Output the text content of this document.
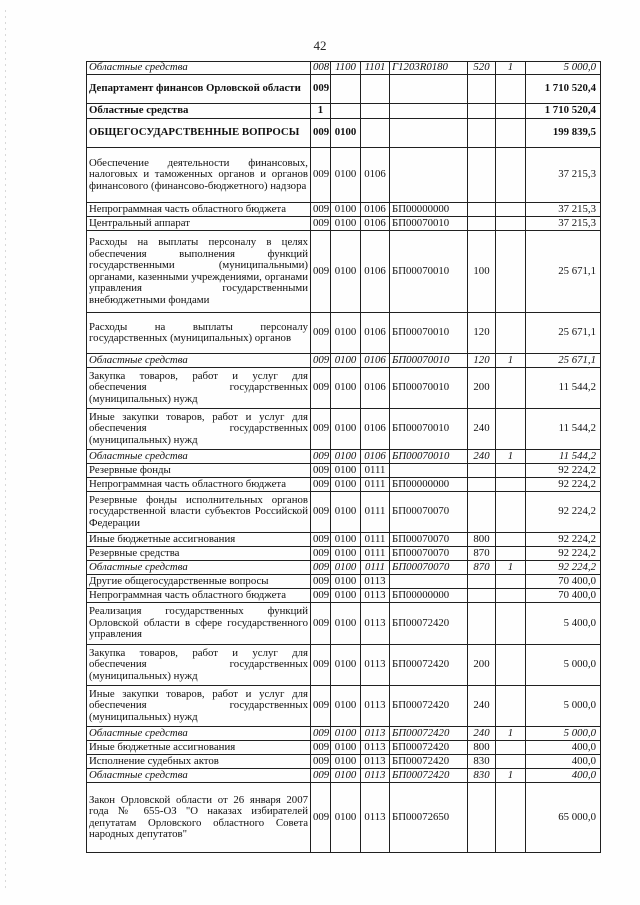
42
Областные средства	008	1100	1101	Г1203R0180	520	1	5 000,0
Департамент финансов Орловской области	009						1 710 520,4
Областные средства	1						1 710 520,4
ОБЩЕГОСУДАРСТВЕННЫЕ ВОПРОСЫ	009	0100					199 839,5
Обеспечение деятельности финансовых, налоговых и таможенных органов и органов финансового (финансово-бюджетного) надзора	009	0100	0106				37 215,3
Непрограммная часть областного бюджета	009	0100	0106	БП00000000			37 215,3
Центральный аппарат	009	0100	0106	БП00070010			37 215,3
Расходы на выплаты персоналу в целях обеспечения выполнения функций государственными (муниципальными) органами, казенными учреждениями, органами управления государственными внебюджетными фондами	009	0100	0106	БП00070010	100		25 671,1
Расходы на выплаты персоналу государственных (муниципальных) органов	009	0100	0106	БП00070010	120		25 671,1
Областные средства	009	0100	0106	БП00070010	120	1	25 671,1
Закупка товаров, работ и услуг для обеспечения государственных (муниципальных) нужд	009	0100	0106	БП00070010	200		11 544,2
Иные закупки товаров, работ и услуг для обеспечения государственных (муниципальных) нужд	009	0100	0106	БП00070010	240		11 544,2
Областные средства	009	0100	0106	БП00070010	240	1	11 544,2
Резервные фонды	009	0100	0111				92 224,2
Непрограммная часть областного бюджета	009	0100	0111	БП00000000			92 224,2
Резервные фонды исполнительных органов государственной власти субъектов Российской Федерации	009	0100	0111	БП00070070			92 224,2
Иные бюджетные ассигнования	009	0100	0111	БП00070070	800		92 224,2
Резервные средства	009	0100	0111	БП00070070	870		92 224,2
Областные средства	009	0100	0111	БП00070070	870	1	92 224,2
Другие общегосударственные вопросы	009	0100	0113				70 400,0
Непрограммная часть областного бюджета	009	0100	0113	БП00000000			70 400,0
Реализация государственных функций Орловской области в сфере государственного управления	009	0100	0113	БП00072420			5 400,0
Закупка товаров, работ и услуг для обеспечения государственных (муниципальных) нужд	009	0100	0113	БП00072420	200		5 000,0
Иные закупки товаров, работ и услуг для обеспечения государственных (муниципальных) нужд	009	0100	0113	БП00072420	240		5 000,0
Областные средства	009	0100	0113	БП00072420	240	1	5 000,0
Иные бюджетные ассигнования	009	0100	0113	БП00072420	800		400,0
Исполнение судебных актов	009	0100	0113	БП00072420	830		400,0
Областные средства	009	0100	0113	БП00072420	830	1	400,0
Закон Орловской области от 26 января 2007 года № 655-ОЗ "О наказах избирателей депутатам Орловского областного Совета народных депутатов"	009	0100	0113	БП00072650			65 000,0
